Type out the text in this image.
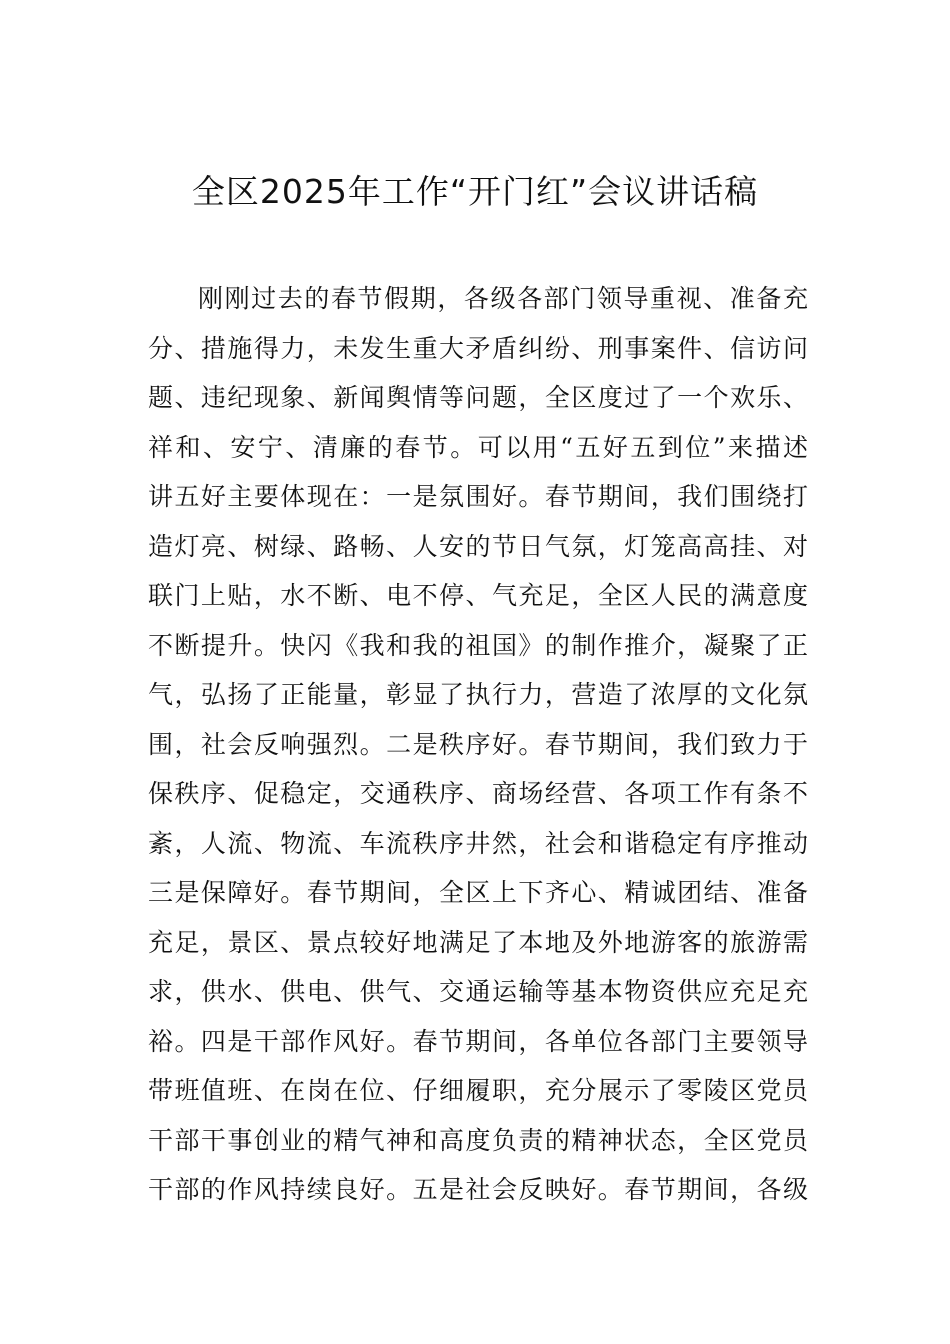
全区2025年工作“开门红”会议讲话稿
刚刚过去的春节假期，各级各部门领导重视、准备充
分、措施得力，未发生重大矛盾纠纷、刑事案件、信访问
题、违纪现象、新闻舆情等问题，全区度过了一个欢乐、
祥和、安宁、清廉的春节。可以用“五好五到位”来描述
讲五好主要体现在：一是氛围好。春节期间，我们围绕打
造灯亮、树绿、路畅、人安的节日气氛，灯笼高高挂、对
联门上贴，水不断、电不停、气充足，全区人民的满意度
不断提升。快闪《我和我的祖国》的制作推介，凝聚了正
气，弘扬了正能量，彰显了执行力，营造了浓厚的文化氛
围，社会反响强烈。二是秩序好。春节期间，我们致力于
保秩序、促稳定，交通秩序、商场经营、各项工作有条不
紊，人流、物流、车流秩序井然，社会和谐稳定有序推动
三是保障好。春节期间，全区上下齐心、精诚团结、准备
充足，景区、景点较好地满足了本地及外地游客的旅游需
求，供水、供电、供气、交通运输等基本物资供应充足充
裕。四是干部作风好。春节期间，各单位各部门主要领导
带班值班、在岗在位、仔细履职，充分展示了零陵区党员
干部干事创业的精气神和高度负责的精神状态，全区党员
干部的作风持续良好。五是社会反映好。春节期间，各级
